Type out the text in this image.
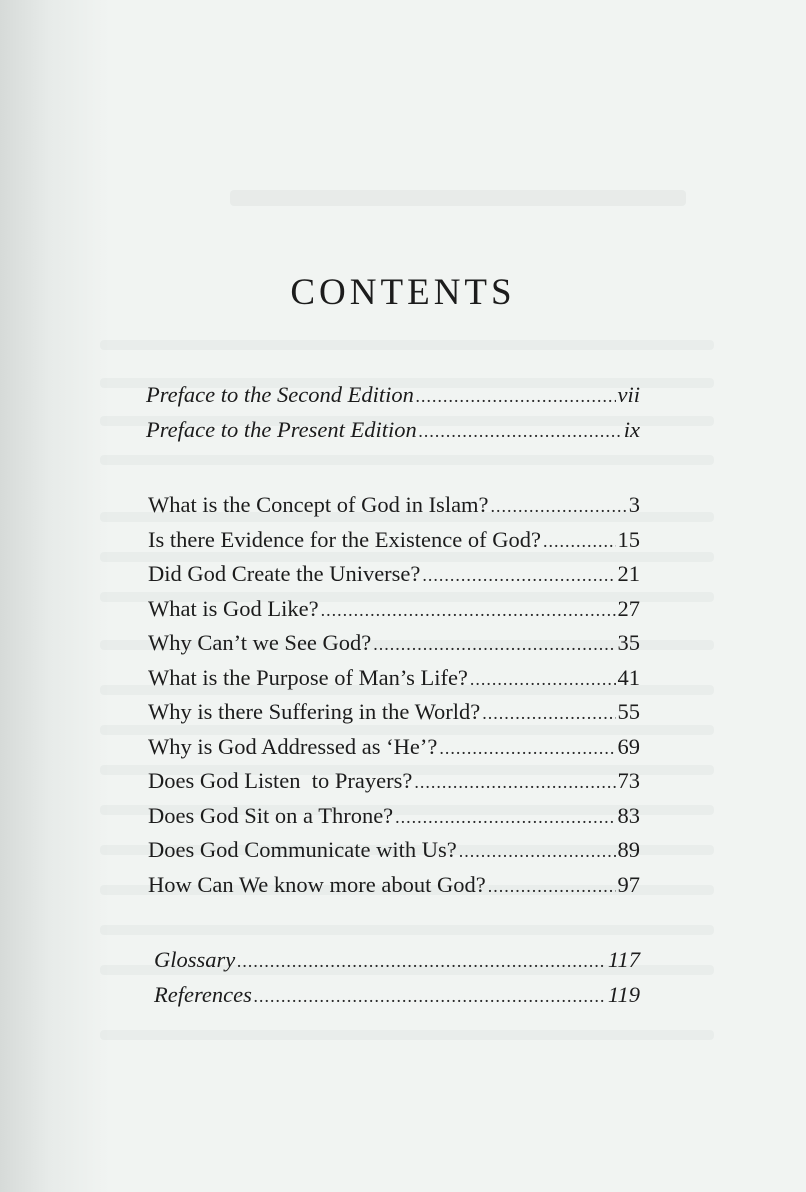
CONTENTS
Preface to the Second Edition .....	vii
Preface to the Present Edition .....	ix
What is the Concept of God in Islam? .....	3
Is there Evidence for the Existence of God? .....	15
Did God Create the Universe? .....	21
What is God Like? .....	27
Why Can’t we See God? .....	35
What is the Purpose of Man’s Life? .....	41
Why is there Suffering in the World? .....	55
Why is God Addressed as ‘He’? .....	69
Does God Listen  to Prayers? .....	73
Does God Sit on a Throne? .....	83
Does God Communicate with Us? .....	89
How Can We know more about God? .....	97
Glossary .....	117
References .....	119
